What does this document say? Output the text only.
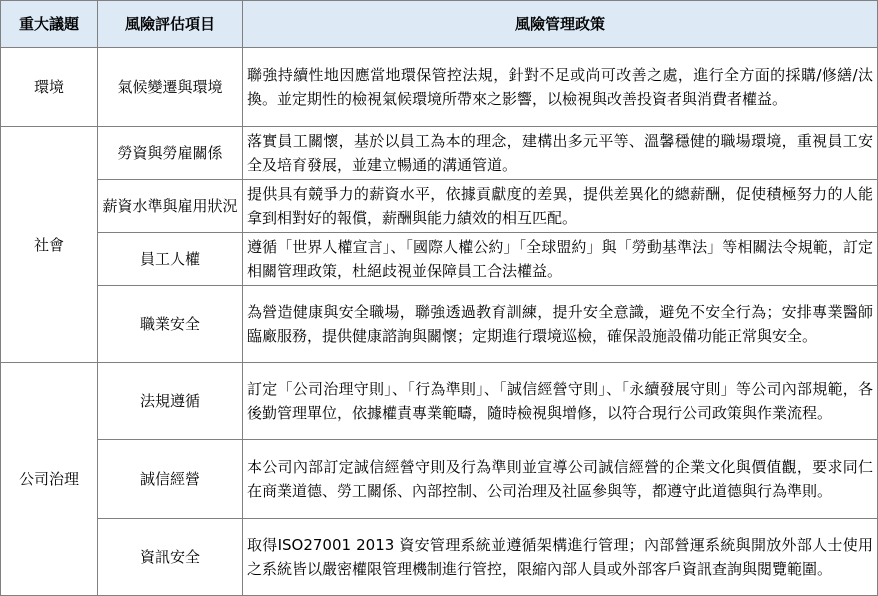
重大議題	風險評估項目	風險管理政策
環境	氣候變遷與環境	聯強持續性地因應當地環保管控法規，針對不足或尚可改善之處，進行全方面的採購/修繕/汰換。並定期性的檢視氣候環境所帶來之影響，以檢視與改善投資者與消費者權益。
社會	勞資與勞雇關係	落實員工關懷，基於以員工為本的理念，建構出多元平等、溫馨穩健的職場環境，重視員工安全及培育發展，並建立暢通的溝通管道。
	薪資水準與雇用狀況	提供具有競爭力的薪資水平，依據貢獻度的差異，提供差異化的總薪酬，促使積極努力的人能拿到相對好的報償，薪酬與能力績效的相互匹配。
	員工人權	遵循「世界人權宣言」、「國際人權公約」「全球盟約」與「勞動基準法」等相關法令規範，訂定相關管理政策，杜絕歧視並保障員工合法權益。
	職業安全	為營造健康與安全職場，聯強透過教育訓練，提升安全意識，避免不安全行為；安排專業醫師臨廠服務，提供健康諮詢與關懷；定期進行環境巡檢，確保設施設備功能正常與安全。
公司治理	法規遵循	訂定「公司治理守則」、「行為準則」、「誠信經營守則」、「永續發展守則」等公司內部規範，各後勤管理單位，依據權責專業範疇，隨時檢視與增修，以符合現行公司政策與作業流程。
	誠信經營	本公司內部訂定誠信經營守則及行為準則並宣導公司誠信經營的企業文化與價值觀，要求同仁在商業道德、勞工關係、內部控制、公司治理及社區參與等，都遵守此道德與行為準則。
	資訊安全	取得ISO27001 2013 資安管理系統並遵循架構進行管理；內部營運系統與開放外部人士使用之系統皆以嚴密權限管理機制進行管控，限縮內部人員或外部客戶資訊查詢與閱覽範圍。
